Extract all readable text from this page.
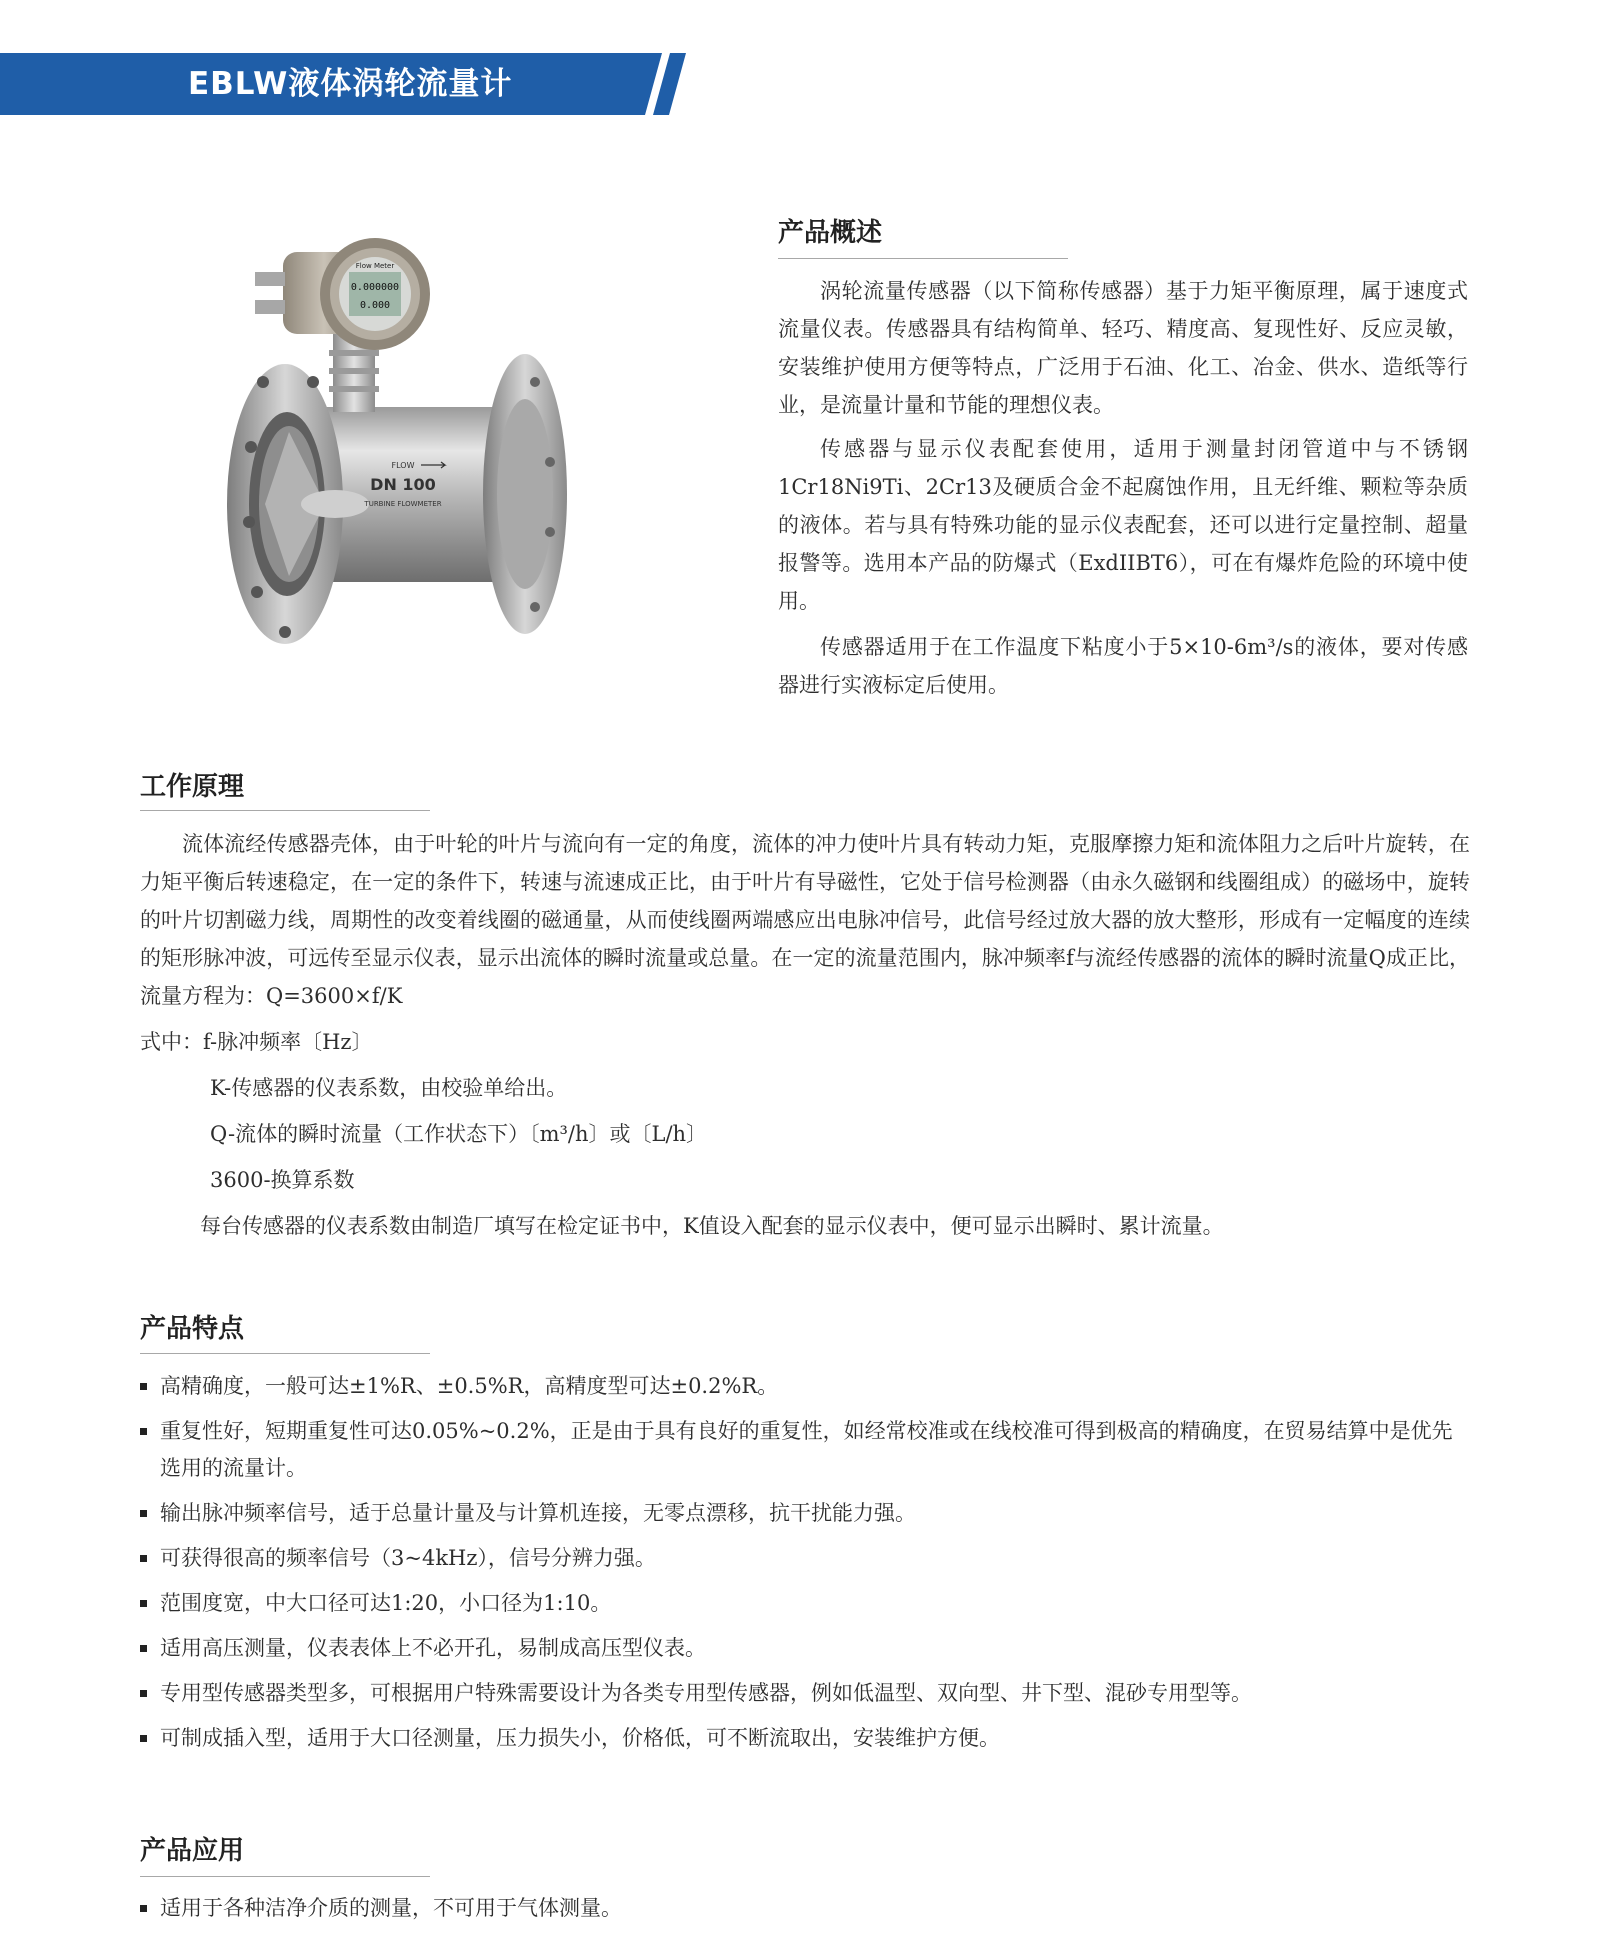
EBLW液体涡轮流量计
Flow Meter
0.000000
0.000
FLOW
DN 100
TURBINE FLOWMETER
产品概述

涡轮流量传感器（以下简称传感器）基于力矩平衡原理，属于速度式流量仪表。传感器具有结构简单、轻巧、精度高、复现性好、反应灵敏，安装维护使用方便等特点，广泛用于石油、化工、冶金、供水、造纸等行业，是流量计量和节能的理想仪表。

传感器与显示仪表配套使用，适用于测量封闭管道中与不锈钢1Cr18Ni9Ti、2Cr13及硬质合金不起腐蚀作用，且无纤维、颗粒等杂质的液体。若与具有特殊功能的显示仪表配套，还可以进行定量控制、超量报警等。选用本产品的防爆式（ExdIIBT6），可在有爆炸危险的环境中使用。

传感器适用于在工作温度下粘度小于5×10-6m³/s的液体，要对传感器进行实液标定后使用。

工作原理

流体流经传感器壳体，由于叶轮的叶片与流向有一定的角度，流体的冲力使叶片具有转动力矩，克服摩擦力矩和流体阻力之后叶片旋转，在力矩平衡后转速稳定，在一定的条件下，转速与流速成正比，由于叶片有导磁性，它处于信号检测器（由永久磁钢和线圈组成）的磁场中，旋转的叶片切割磁力线，周期性的改变着线圈的磁通量，从而使线圈两端感应出电脉冲信号，此信号经过放大器的放大整形，形成有一定幅度的连续的矩形脉冲波，可远传至显示仪表，显示出流体的瞬时流量或总量。在一定的流量范围内，脉冲频率f与流经传感器的流体的瞬时流量Q成正比，流量方程为：Q=3600×f/K

式中：f-脉冲频率〔Hz〕
K-传感器的仪表系数，由校验单给出。
Q-流体的瞬时流量（工作状态下）〔m³/h〕或〔L/h〕
3600-换算系数
每台传感器的仪表系数由制造厂填写在检定证书中，K值设入配套的显示仪表中，便可显示出瞬时、累计流量。
产品特点
高精确度，一般可达±1%R、±0.5%R，高精度型可达±0.2%R。
重复性好，短期重复性可达0.05%~0.2%，正是由于具有良好的重复性，如经常校准或在线校准可得到极高的精确度，在贸易结算中是优先选用的流量计。
输出脉冲频率信号，适于总量计量及与计算机连接，无零点漂移，抗干扰能力强。
可获得很高的频率信号（3~4kHz），信号分辨力强。
范围度宽，中大口径可达1:20，小口径为1:10。
适用高压测量，仪表表体上不必开孔，易制成高压型仪表。
专用型传感器类型多，可根据用户特殊需要设计为各类专用型传感器，例如低温型、双向型、井下型、混砂专用型等。
可制成插入型，适用于大口径测量，压力损失小，价格低，可不断流取出，安装维护方便。
产品应用
适用于各种洁净介质的测量，不可用于气体测量。
